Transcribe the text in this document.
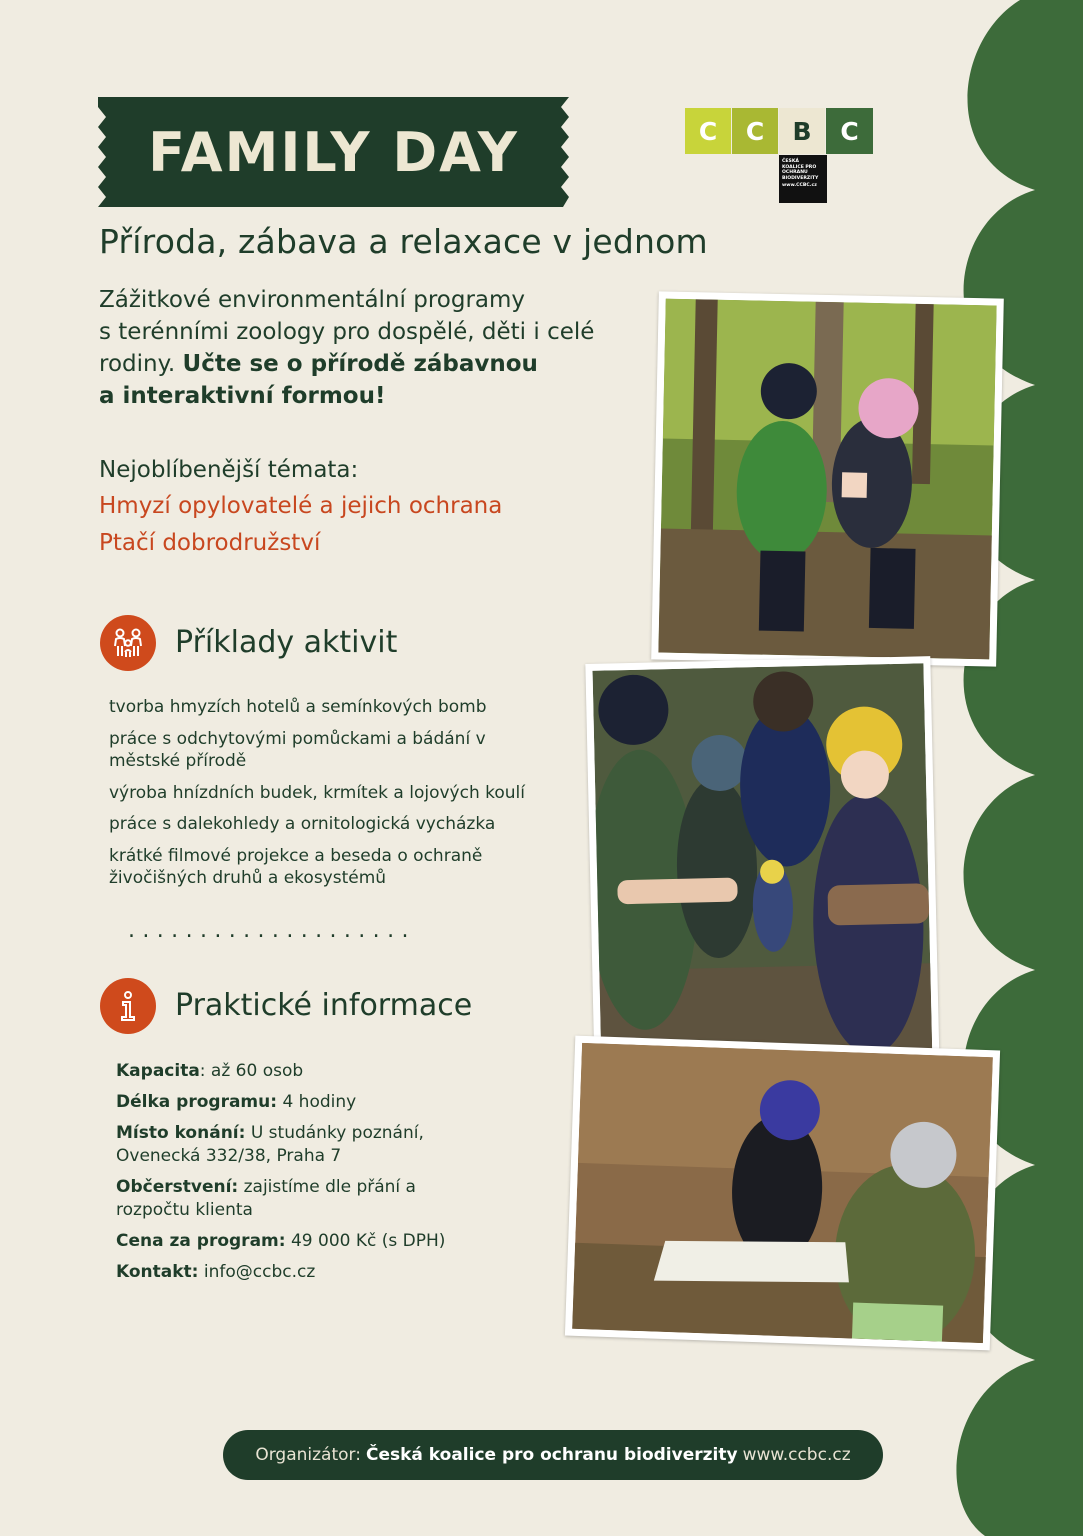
FAMILY DAY	C	C	B	C
ČESKÁ
KOALICE PRO
OCHRANU
BIODIVERZITY
www.CCBC.cz
Příroda, zábava a relaxace v jednom
Zážitkové environmentální programy
s terénními zoology pro dospělé, děti i celé
rodiny. Učte se o přírodě zábavnou
a interaktivní formou!
Nejoblíbenější témata:
Hmyzí opylovatelé a jejich ochrana
Ptačí dobrodružství
Příklady aktivit
tvorba hmyzích hotelů a semínkových bomb
práce s odchytovými pomůckami a bádání v městské přírodě
výroba hnízdních budek, krmítek a lojových koulí
práce s dalekohledy a ornitologická vycházka
krátké filmové projekce a beseda o ochraně živočišných druhů a ekosystémů
....................
Praktické informace
Kapacita: až 60 osob
Délka programu: 4 hodiny
Místo konání: U studánky poznání, Ovenecká 332/38, Praha 7
Občerstvení: zajistíme dle přání a rozpočtu klienta
Cena za program: 49 000 Kč (s DPH)
Kontakt: info@ccbc.cz
Organizátor: Česká koalice pro ochranu biodiverzity www.ccbc.cz
